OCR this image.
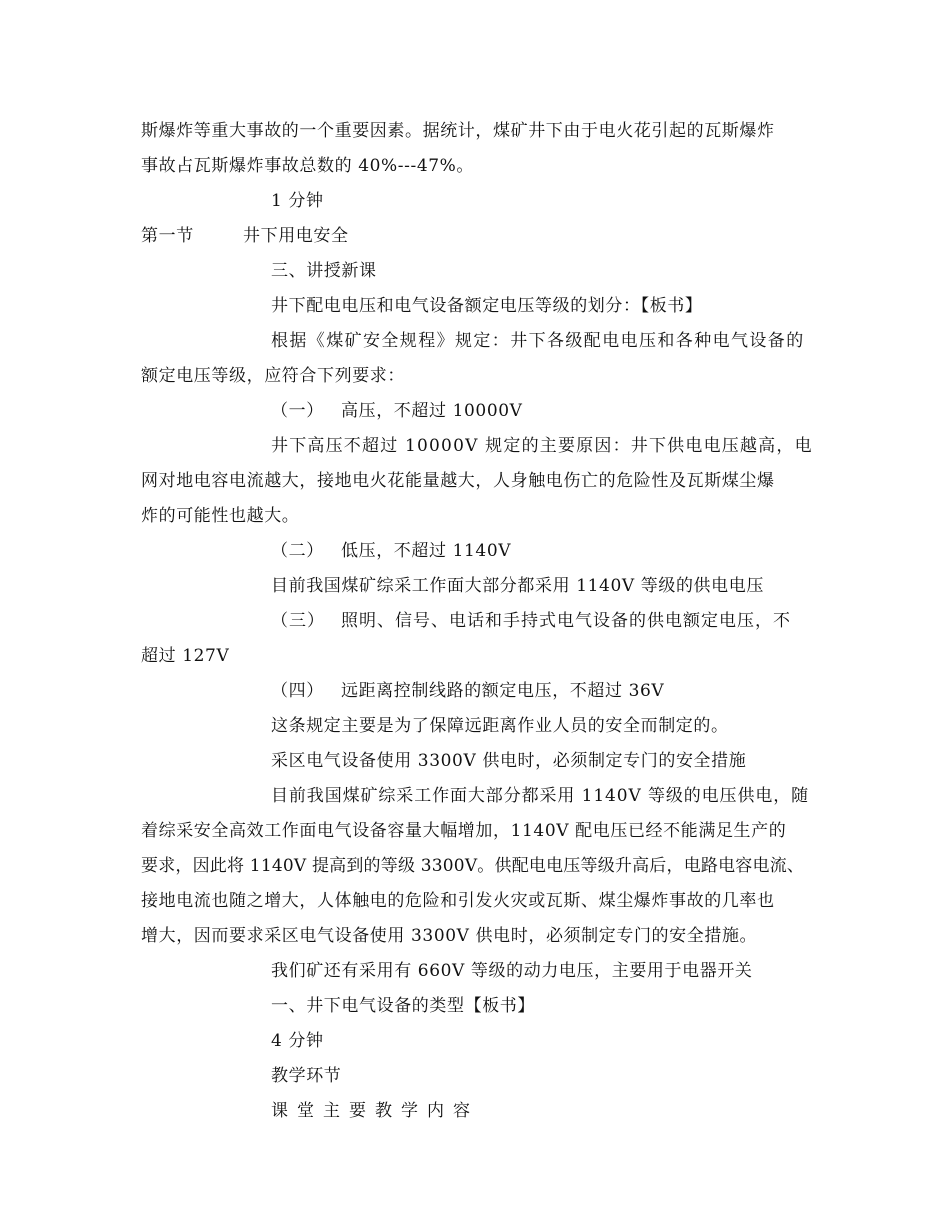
斯爆炸等重大事故的一个重要因素。据统计，煤矿井下由于电火花引起的瓦斯爆炸
事故占瓦斯爆炸事故总数的 40%---47%。
1 分钟
第一节	井下用电安全
三、讲授新课
井下配电电压和电气设备额定电压等级的划分：【板书】
根据《煤矿安全规程》规定：井下各级配电电压和各种电气设备的
额定电压等级，应符合下列要求：
（一） 高压，不超过 10000V
井下高压不超过 10000V 规定的主要原因：井下供电电压越高，电
网对地电容电流越大，接地电火花能量越大，人身触电伤亡的危险性及瓦斯煤尘爆
炸的可能性也越大。
（二） 低压，不超过 1140V
目前我国煤矿综采工作面大部分都采用 1140V 等级的供电电压
（三） 照明、信号、电话和手持式电气设备的供电额定电压，不
超过 127V
（四） 远距离控制线路的额定电压，不超过 36V
这条规定主要是为了保障远距离作业人员的安全而制定的。
采区电气设备使用 3300V 供电时，必须制定专门的安全措施
目前我国煤矿综采工作面大部分都采用 1140V 等级的电压供电，随
着综采安全高效工作面电气设备容量大幅增加，1140V 配电压已经不能满足生产的
要求，因此将 1140V 提高到的等级 3300V。供配电电压等级升高后，电路电容电流、
接地电流也随之增大，人体触电的危险和引发火灾或瓦斯、煤尘爆炸事故的几率也
增大，因而要求采区电气设备使用 3300V 供电时，必须制定专门的安全措施。
我们矿还有采用有 660V 等级的动力电压，主要用于电器开关
一、井下电气设备的类型【板书】
4 分钟
教学环节
课堂主要教学内容
